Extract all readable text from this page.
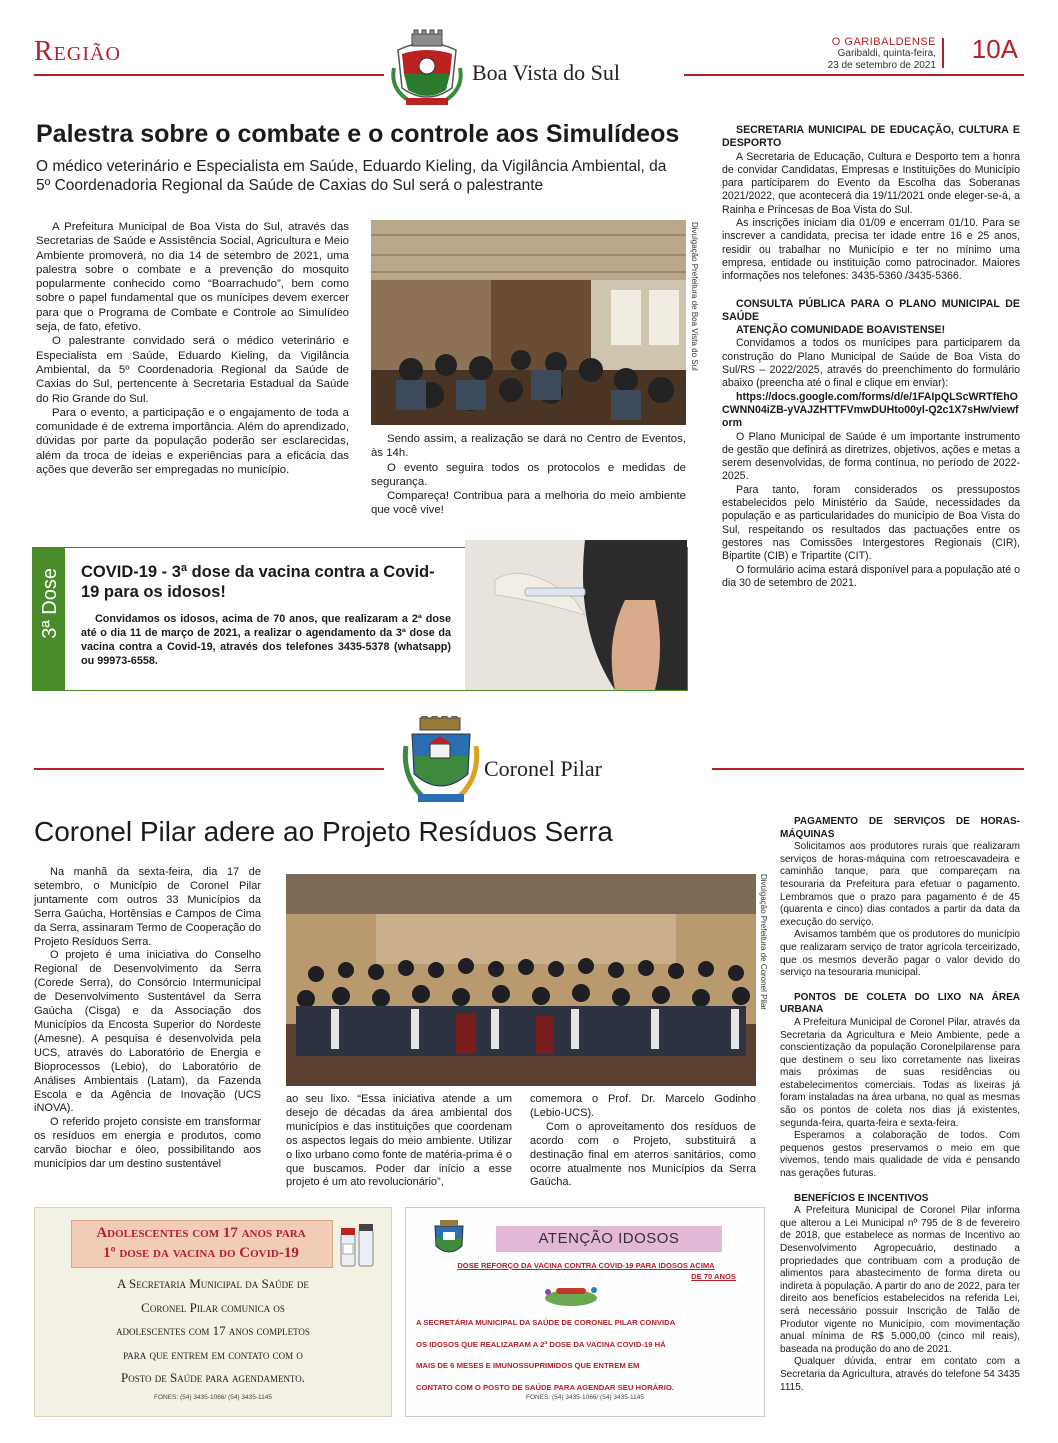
Região
Boa Vista do Sul
O GARIBALDENSE
Garibaldi, quinta-feira,
23 de setembro de 2021
10A
Palestra sobre o combate e o controle aos Simulídeos
O médico veterinário e Especialista em Saúde, Eduardo Kieling, da Vigilância Ambiental, da 5º Coordenadoria Regional da Saúde de Caxias do Sul será o palestrante

A Prefeitura Municipal de Boa Vista do Sul, através das Secretarias de Saúde e Assistência Social, Agricultura e Meio Ambiente promoverá, no dia 14 de setembro de 2021, uma palestra sobre o combate e a prevenção do mosquito popularmente conhecido como “Boarrachudo”, bem como sobre o papel fundamental que os munícipes devem exercer para que o Programa de Combate e Controle ao Simulídeo seja, de fato, efetivo.

O palestrante convidado será o médico veterinário e Especialista em Saúde, Eduardo Kieling, da Vigilância Ambiental, da 5º Coordenadoria Regional da Saúde de Caxias do Sul, pertencente à Secretaria Estadual da Saúde do Rio Grande do Sul.

Para o evento, a participação e o engajamento de toda a comunidade é de extrema importância. Além do aprendizado, dúvidas por parte da população poderão ser esclarecidas, além da troca de ideias e experiências para a eficácia das ações que deverão ser empregadas no município.

Divulgação Prefeitura de Boa Vista do Sul

Sendo assim, a realização se dará no Centro de Eventos, às 14h.

O evento seguira todos os protocolos e medidas de segurança.

Compareça! Contribua para a melhoria do meio ambiente que você vive!

3ª Dose COVID-19 - 3ª dose da vacina contra a Covid-19 para os idosos!
Convidamos os idosos, acima de 70 anos, que realizaram a 2ª dose até o dia 11 de março de 2021, a realizar o agendamento da 3ª dose da vacina contra a Covid-19, através dos telefones 3435-5378 (whatsapp) ou 99973-6558.

SECRETARIA MUNICIPAL DE EDUCAÇÃO, CULTURA E DESPORTO

A Secretaria de Educação, Cultura e Desporto tem a honra de convidar Candidatas, Empresas e Instituições do Município para participarem do Evento da Escolha das Soberanas 2021/2022, que acontecerá dia 19/11/2021 onde eleger-se-á, a Rainha e Princesas de Boa Vista do Sul.

As inscrições iniciam dia 01/09 e encerram 01/10. Para se inscrever a candidata, precisa ter idade entre 16 e 25 anos, residir ou trabalhar no Município e ter no mínimo uma empresa, entidade ou instituição como patrocinador. Maiores informações nos telefones: 3435-5360 /3435-5366.

CONSULTA PÚBLICA PARA O PLANO MUNICIPAL DE SAÚDE

ATENÇÃO COMUNIDADE BOAVISTENSE!

Convidamos a todos os munícipes para participarem da construção do Plano Municipal de Saúde de Boa Vista do Sul/RS – 2022/2025, através do preenchimento do formulário abaixo (preencha até o final e clique em enviar):

https://docs.google.com/forms/d/e/1FAIpQLScWRTfEhOCWNN04iZB-yVAJZHTTFVmwDUHto00yl-Q2c1X7sHw/viewform

O Plano Municipal de Saúde é um importante instrumento de gestão que definirá as diretrizes, objetivos, ações e metas a serem desenvolvidas, de forma contínua, no período de 2022-2025.

Para tanto, foram considerados os pressupostos estabelecidos pelo Ministério da Saúde, necessidades da população e as particularidades do município de Boa Vista do Sul, respeitando os resultados das pactuações entre os gestores nas Comissões Intergestores Regionais (CIR), Bipartite (CIB) e Tripartite (CIT).

O formulário acima estará disponível para a população até o dia 30 de setembro de 2021.

Coronel Pilar
Coronel Pilar adere ao Projeto Resíduos Serra

Na manhã da sexta-feira, dia 17 de setembro, o Município de Coronel Pilar juntamente com outros 33 Municípios da Serra Gaúcha, Hortênsias e Campos de Cima da Serra, assinaram Termo de Cooperação do Projeto Resíduos Serra.

O projeto é uma iniciativa do Conselho Regional de Desenvolvimento da Serra (Corede Serra), do Consórcio Intermunicipal de Desenvolvimento Sustentável da Serra Gaúcha (Cisga) e da Associação dos Municípios da Encosta Superior do Nordeste (Amesne). A pesquisa é desenvolvida pela UCS, através do Laboratório de Energia e Bioprocessos (Lebio), do Laboratório de Análises Ambientais (Latam), da Fazenda Escola e da Agência de Inovação (UCS iNOVA).

O referido projeto consiste em transformar os resíduos em energia e produtos, como carvão biochar e óleo, possibilitando aos municípios dar um destino sustentável

Divulgação Prefeitura de Coronel Pilar

ao seu lixo. “Essa iniciativa atende a um desejo de décadas da área ambiental dos municípios e das instituições que coordenam os aspectos legais do meio ambiente. Utilizar o lixo urbano como fonte de matéria-prima é o que buscamos. Poder dar início a esse projeto é um ato revolucionário”,

comemora o Prof. Dr. Marcelo Godinho (Lebio-UCS).

Com o aproveitamento dos resíduos de acordo com o Projeto, substituirá a destinação final em aterros sanitários, como ocorre atualmente nos Municípios da Serra Gaúcha.

Adolescentes com 17 anos para
1º dose da vacina do Covid-19
A Secretaria Municipal da Saúde de
Coronel Pilar comunica os
adolescentes com 17 anos completos
para que entrem em contato com o
Posto de Saúde para agendamento.
FONES: (54) 3435-1066/ (54) 3435-1145
ATENÇÃO IDOSOS
DOSE REFORÇO DA VACINA CONTRA COVID-19 PARA IDOSOS ACIMA
DE 70 ANOS
A SECRETÁRIA MUNICIPAL DA SAÚDE DE CORONEL PILAR CONVIDA
OS IDOSOS QUE REALIZARAM A 2ª DOSE DA VACINA COVID-19 HÁ
MAIS DE 6 MESES E IMUNOSSUPRIMIDOS QUE ENTREM EM
CONTATO COM O POSTO DE SAÚDE PARA AGENDAR SEU HORÁRIO.
FONES: (54) 3435-1066/ (54) 3435-1145

PAGAMENTO DE SERVIÇOS DE HORAS-MÁQUINAS

Solicitamos aos produtores rurais que realizaram serviços de horas-máquina com retroescavadeira e caminhão tanque, para que compareçam na tesouraria da Prefeitura para efetuar o pagamento. Lembramos que o prazo para pagamento é de 45 (quarenta e cinco) dias contados a partir da data da execução do serviço.

Avisamos também que os produtores do município que realizaram serviço de trator agrícola terceirizado, que os mesmos deverão pagar o valor devido do serviço na tesouraria municipal.

PONTOS DE COLETA DO LIXO NA ÁREA URBANA

A Prefeitura Municipal de Coronel Pilar, através da Secretaria da Agricultura e Meio Ambiente, pede a conscientização da população Coronelpilarense para que destinem o seu lixo corretamente nas lixeiras mais próximas de suas residências ou estabelecimentos comerciais. Todas as lixeiras já foram instaladas na área urbana, no qual as mesmas são os pontos de coleta nos dias já existentes, segunda-feira, quarta-feira e sexta-feira.

Esperamos a colaboração de todos. Com pequenos gestos preservamos o meio em que vivemos, tendo mais qualidade de vida e pensando nas gerações futuras.

BENEFÍCIOS E INCENTIVOS

A Prefeitura Municipal de Coronel Pilar informa que alterou a Lei Municipal nº 795 de 8 de fevereiro de 2018, que estabelece as normas de Incentivo ao Desenvolvimento Agropecuário, destinado a propriedades que contribuam com a produção de alimentos para abastecimento de forma direta ou indireta à população. A partir do ano de 2022, para ter direito aos benefícios estabelecidos na referida Lei, será necessário possuir Inscrição de Talão de Produtor vigente no Município, com movimentação anual mínima de R$ 5.000,00 (cinco mil reais), baseada na produção do ano de 2021.

Qualquer dúvida, entrar em contato com a Secretaria da Agricultura, através do telefone 54 3435 1115.
